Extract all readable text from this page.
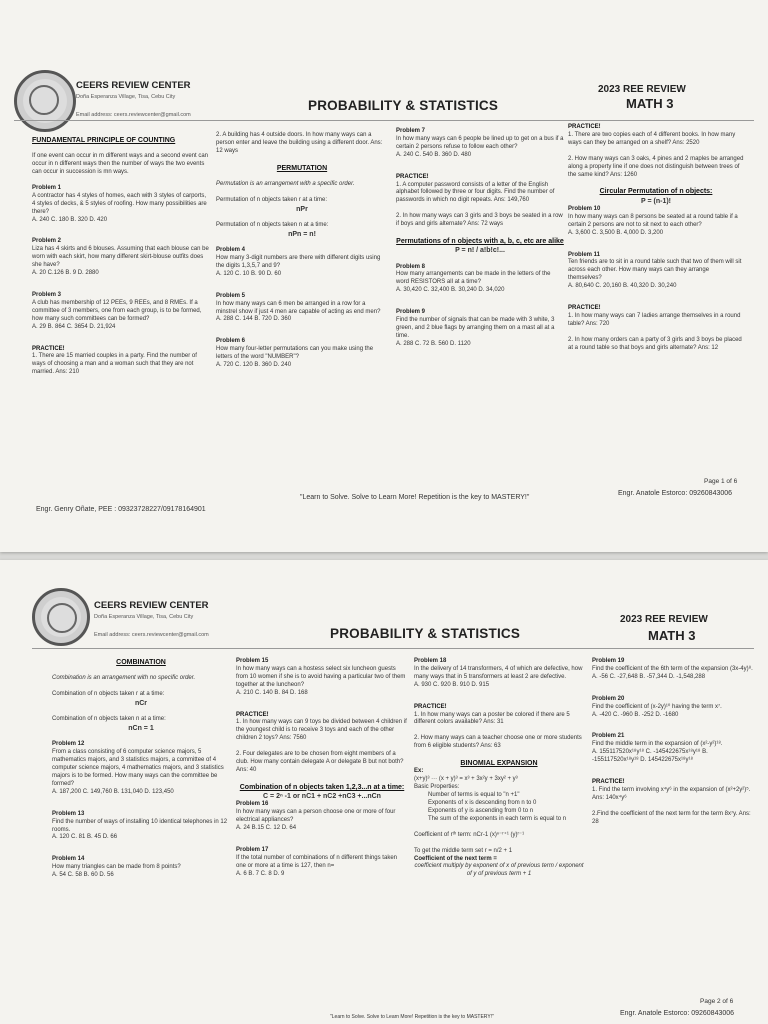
CEERS REVIEW CENTER
Doña Esperanza Village, Tisa, Cebu City
Email address: ceers.reviewcenter@gmail.com
PROBABILITY & STATISTICS
2023 REE REVIEW
MATH 3
FUNDAMENTAL PRINCIPLE OF COUNTING
If one event can occur in m different ways and a second event can occur in n different ways then the number of ways the two events can occur in succession is mn ways.
Problem 1
A contractor has 4 styles of homes, each with 3 styles of carports, 4 styles of decks, & 5 styles of roofing. How many possibilities are there?
A. 240 C. 180 B. 320 D. 420
Problem 2
Liza has 4 skirts and 6 blouses. Assuming that each blouse can be worn with each skirt, how many different skirt-blouse outfits does she have?
A. 20 C.126 B. 9 D. 2880
Problem 3
A club has membership of 12 PEEs, 9 REEs, and 8 RMEs. If a committee of 3 members, one from each group, is to be formed, how many such committees can be formed?
A. 29 B. 864 C. 3654 D. 21,924
PRACTICE!
1. There are 15 married couples in a party. Find the number of ways of choosing a man and a woman such that they are not married. Ans: 210
2. A building has 4 outside doors. In how many ways can a person enter and leave the building using a different door. Ans: 12 ways
PERMUTATION
Permutation is an arrangement with a specific order.
Permutation of n objects taken r at a time:
nPr
Permutation of n objects taken n at a time:
nPn = n!
Problem 4
How many 3-digit numbers are there with different digits using the digits 1,3,5,7 and 9?
A. 120 C. 10 B. 90 D. 60
Problem 5
In how many ways can 6 men be arranged in a row for a minstrel show if just 4 men are capable of acting as end men?
A. 288 C. 144 B. 720 D. 360
Problem 6
How many four-letter permutations can you make using the letters of the word "NUMBER"?
A. 720 C. 120 B. 360 D. 240
Problem 7
In how many ways can 6 people be lined up to get on a bus if a certain 2 persons refuse to follow each other?
A. 240 C. 540 B. 360 D. 480
PRACTICE!
1. A computer password consists of a letter of the English alphabet followed by three or four digits. Find the number of passwords in which no digit repeats. Ans: 149,760
2. In how many ways can 3 girls and 3 boys be seated in a row if boys and girls alternate? Ans: 72 ways
Permutations of n objects with a, b, c, etc are alike
P = n! / a!b!c!...
Problem 8
How many arrangements can be made in the letters of the word RESISTORS all at a time?
A. 30,420 C. 32,400 B. 30,240 D. 34,020
Problem 9
Find the number of signals that can be made with 3 white, 3 green, and 2 blue flags by arranging them on a mast all at a time.
A. 288 C. 72 B. 560 D. 1120
PRACTICE!
1. There are two copies each of 4 different books. In how many ways can they be arranged on a shelf? Ans: 2520
2. How many ways can 3 oaks, 4 pines and 2 maples be arranged along a property line if one does not distinguish between trees of the same kind? Ans: 1260
Circular Permutation of n objects:
P = (n-1)!
Problem 10
In how many ways can 8 persons be seated at a round table if a certain 2 persons are not to sit next to each other?
A. 3,600 C. 3,500 B. 4,000 D. 3,200
Problem 11
Ten friends are to sit in a round table such that two of them will sit across each other. How many ways can they arrange themselves?
A. 80,640 C. 20,160 B. 40,320 D. 30,240
PRACTICE!
1. In how many ways can 7 ladies arrange themselves in a round table? Ans: 720
2. In how many orders can a party of 3 girls and 3 boys be placed at a round table so that boys and girls alternate? Ans: 12
Page 1 of 6
Engr. Anatole Estorco: 09260843006
"Learn to Solve. Solve to Learn More! Repetition is the key to MASTERY!"
Engr. Genry Oñate, PEE : 09323728227/09178164901
CEERS REVIEW CENTER
Doña Esperanza Village, Tisa, Cebu City
Email address: ceers.reviewcenter@gmail.com	PROBABILITY & STATISTICS
2023 REE REVIEW
MATH 3
COMBINATION
Combination is an arrangement with no specific order.
Combination of n objects taken r at a time:
nCr
Combination of n objects taken n at a time:
nCn = 1
Problem 12
From a class consisting of 6 computer science majors, 5 mathematics majors, and 3 statistics majors, a committee of 4 computer science majors, 4 mathematics majors, and 3 statistics majors is to be formed. How many ways can the committee be formed?
A. 187,200 C. 149,760 B. 131,040 D. 123,450
Problem 13
Find the number of ways of installing 10 identical telephones in 12 rooms.
A. 120 C. 81 B. 45 D. 66
Problem 14
How many triangles can be made from 8 points?
A. 54 C. 58 B. 60 D. 56
Problem 15
In how many ways can a hostess select six luncheon guests from 10 women if she is to avoid having a particular two of them together at the luncheon?
A. 210 C. 140 B. 84 D. 168
PRACTICE!
1. In how many ways can 9 toys be divided between 4 children if the youngest child is to receive 3 toys and each of the other children 2 toys? Ans: 7560
2. Four delegates are to be chosen from eight members of a club. How many contain delegate A or delegate B but not both? Ans: 40
Combination of n objects taken 1,2,3...n at a time:
C = 2ⁿ -1 or nC1 + nC2 +nC3 +...nCn
Problem 16
In how many ways can a person choose one or more of four electrical appliances?
A. 24 B.15 C. 12 D. 64
Problem 17
If the total number of combinations of n different things taken one or more at a time is 127, then n=
A. 6 B. 7 C. 8 D. 9
Problem 18
In the delivery of 14 transformers, 4 of which are defective, how many ways that in 5 transformers at least 2 are defective.
A. 930 C. 920 B. 910 D. 915
PRACTICE!
1. In how many ways can a poster be colored if there are 5 different colors available? Ans: 31
2. How many ways can a teacher choose one or more students from 6 eligible students? Ans: 63
BINOMIAL EXPANSION
Ex:
(x+y)³ ··· (x + y)³ = x³ + 3x²y + 3xy² + y³
Basic Properties:
Number of terms is equal to "n +1"
Exponents of x is descending from n to 0
Exponents of y is ascending from 0 to n
The sum of the exponents in each term is equal to n
Coefficient of rᵗʰ term: nCr-1 (x)ⁿ⁻ʳ⁺¹ (y)ʳ⁻¹
To get the middle term set r = n/2 + 1
Coefficient of the next term =
coefficient multiply by exponent of x of previous term / exponent of y of previous term + 1
Problem 19
Find the coefficient of the 6th term of the expansion (3x-4y)⁸.
A. -56 C. -27,648 B. -57,344 D. -1,548,288
Problem 20
Find the coefficient of (x-2y)¹⁰ having the term x⁷.
A. -420 C. -960 B. -252 D. -1680
Problem 21
Find the middle term in the expansion of (x²-y²)¹⁸.
A. 155117520x¹⁸y¹⁸ C. -145422675x¹⁸y¹⁸ B. -155117520x¹⁸y¹⁸ D. 145422675x¹⁸y¹⁸
PRACTICE!
1. Find the term involving x⁴y⁶ in the expansion of (x²+2y²)⁵. Ans: 140x⁴y⁶
2.Find the coefficient of the next term for the term 8x⁷y. Ans: 28
Page 2 of 6
Engr. Anatole Estorco: 09260843006
"Learn to Solve. Solve to Learn More! Repetition is the key to MASTERY!"
